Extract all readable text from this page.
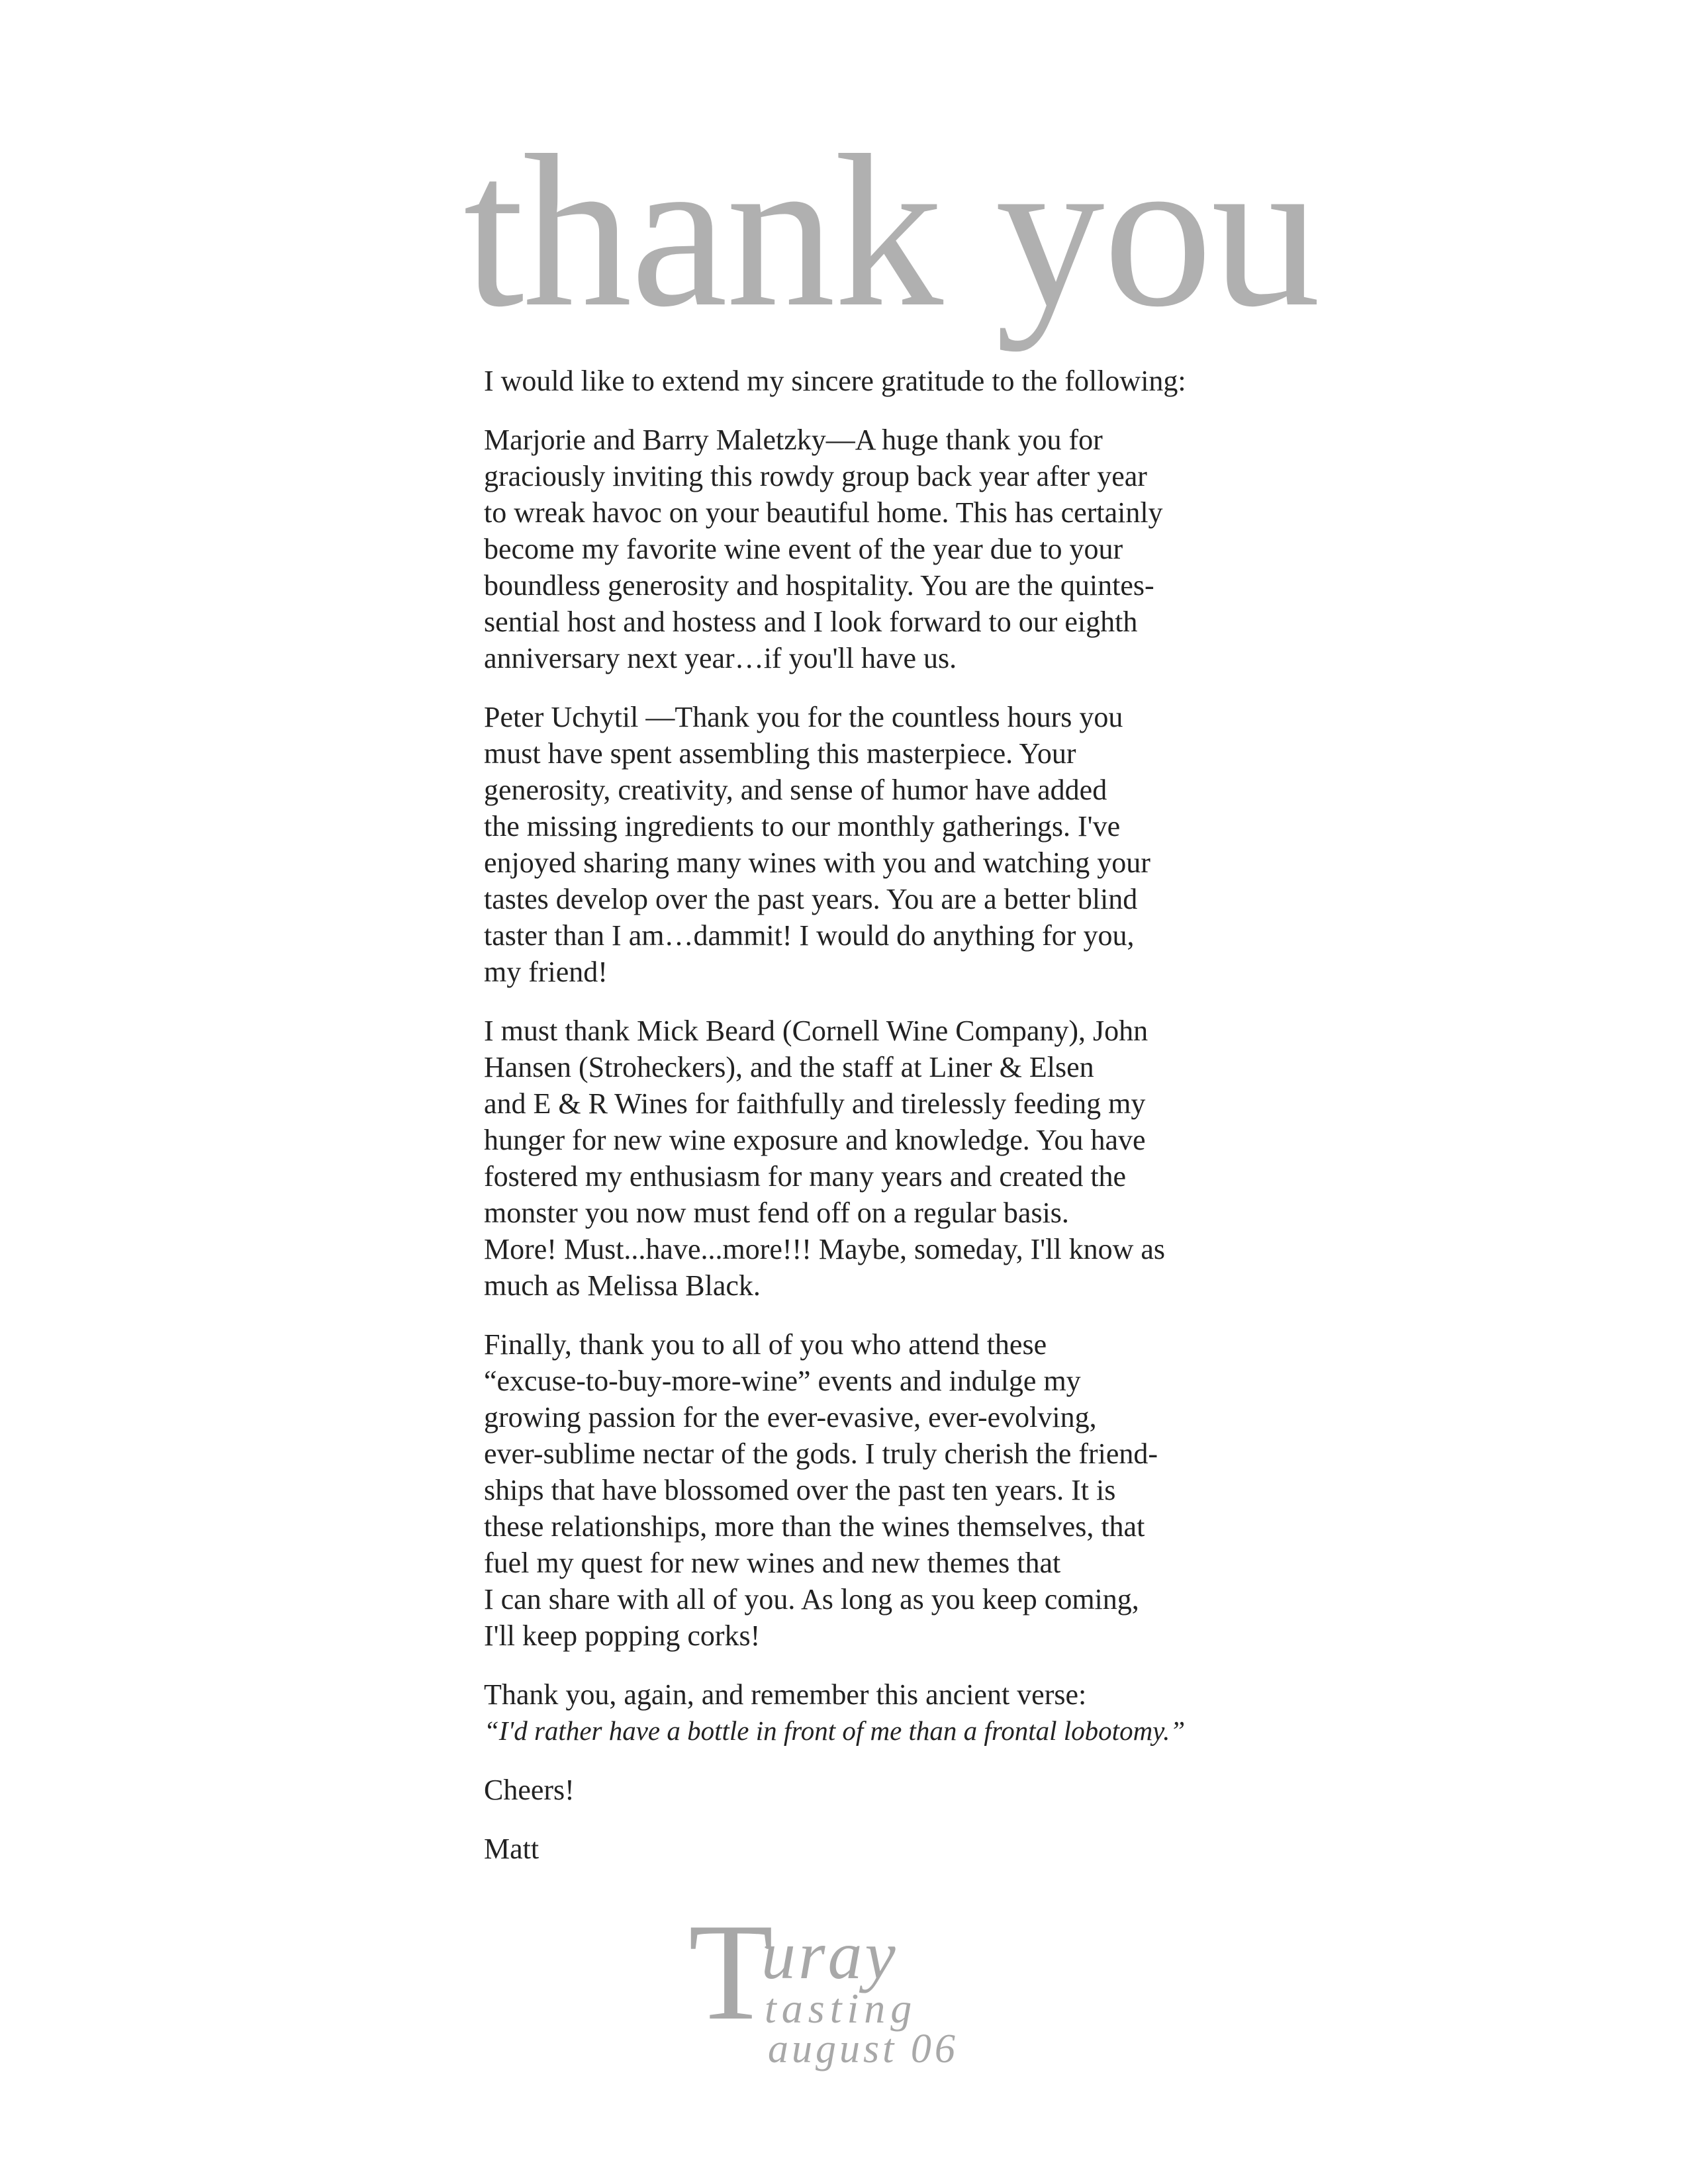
thank you

I would like to extend my sincere gratitude to the following:

Marjorie and Barry Maletzky—A huge thank you for
graciously inviting this rowdy group back year after year
to wreak havoc on your beautiful home. This has certainly
become my favorite wine event of the year due to your
boundless generosity and hospitality. You are the quintes-
sential host and hostess and I look forward to our eighth
anniversary next year…if you'll have us.

Peter Uchytil —Thank you for the countless hours you
must have spent assembling this masterpiece. Your
generosity, creativity, and sense of humor have added
the missing ingredients to our monthly gatherings. I've
enjoyed sharing many wines with you and watching your
tastes develop over the past years. You are a better blind
taster than I am…dammit! I would do anything for you,
my friend!

I must thank Mick Beard (Cornell Wine Company), John
Hansen (Stroheckers), and the staff at Liner & Elsen
and E & R Wines for faithfully and tirelessly feeding my
hunger for new wine exposure and knowledge. You have
fostered my enthusiasm for many years and created the
monster you now must fend off on a regular basis.
More! Must...have...more!!! Maybe, someday, I'll know as
much as Melissa Black.

Finally, thank you to all of you who attend these
“excuse-to-buy-more-wine” events and indulge my
growing passion for the ever-evasive, ever-evolving,
ever-sublime nectar of the gods. I truly cherish the friend-
ships that have blossomed over the past ten years. It is
these relationships, more than the wines themselves, that
fuel my quest for new wines and new themes that
I can share with all of you. As long as you keep coming,
I'll keep popping corks!

Thank you, again, and remember this ancient verse:

“I'd rather have a bottle in front of me than a frontal lobotomy.”

Cheers!

Matt

T
uray
tasting
august 06
